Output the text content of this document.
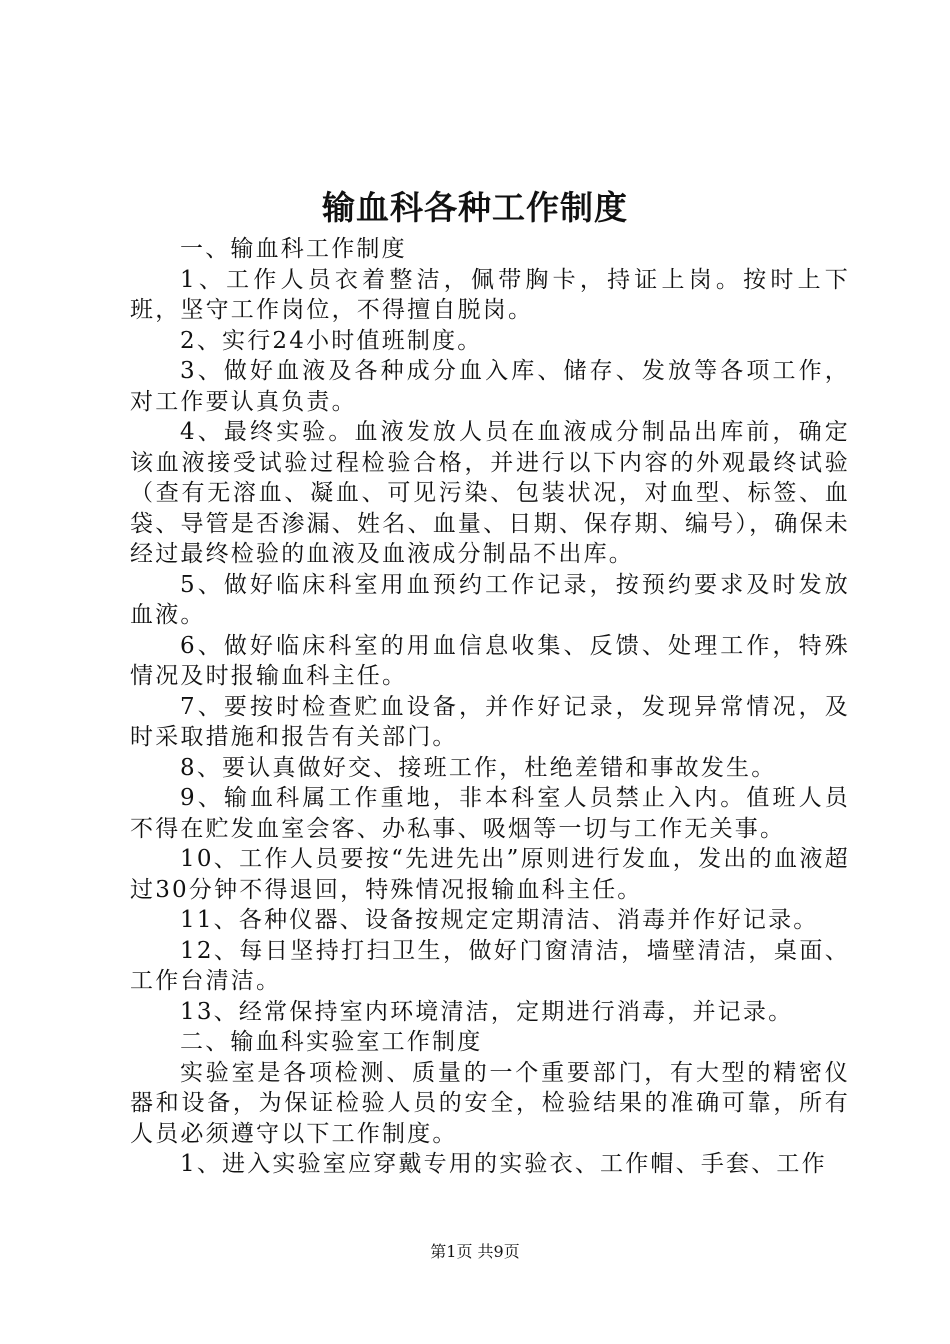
输血科各种工作制度

一、输血科工作制度

1、工作人员衣着整洁，佩带胸卡，持证上岗。按时上下班，坚守工作岗位，不得擅自脱岗。

2、实行24小时值班制度。

3、做好血液及各种成分血入库、储存、发放等各项工作，对工作要认真负责。

4、最终实验。血液发放人员在血液成分制品出库前，确定该血液接受试验过程检验合格，并进行以下内容的外观最终试验（查有无溶血、凝血、可见污染、包装状况，对血型、标签、血袋、导管是否渗漏、姓名、血量、日期、保存期、编号），确保未经过最终检验的血液及血液成分制品不出库。

5、做好临床科室用血预约工作记录，按预约要求及时发放血液。

6、做好临床科室的用血信息收集、反馈、处理工作，特殊情况及时报输血科主任。

7、要按时检查贮血设备，并作好记录，发现异常情况，及时采取措施和报告有关部门。

8、要认真做好交、接班工作，杜绝差错和事故发生。

9、输血科属工作重地，非本科室人员禁止入内。值班人员不得在贮发血室会客、办私事、吸烟等一切与工作无关事。

10、工作人员要按“先进先出”原则进行发血，发出的血液超过30分钟不得退回，特殊情况报输血科主任。

11、各种仪器、设备按规定定期清洁、消毒并作好记录。

12、每日坚持打扫卫生，做好门窗清洁，墙壁清洁，桌面、工作台清洁。

13、经常保持室内环境清洁，定期进行消毒，并记录。

二、输血科实验室工作制度

实验室是各项检测、质量的一个重要部门，有大型的精密仪器和设备，为保证检验人员的安全，检验结果的准确可靠，所有人员必须遵守以下工作制度。

1、进入实验室应穿戴专用的实验衣、工作帽、手套、工作

第1页 共9页
